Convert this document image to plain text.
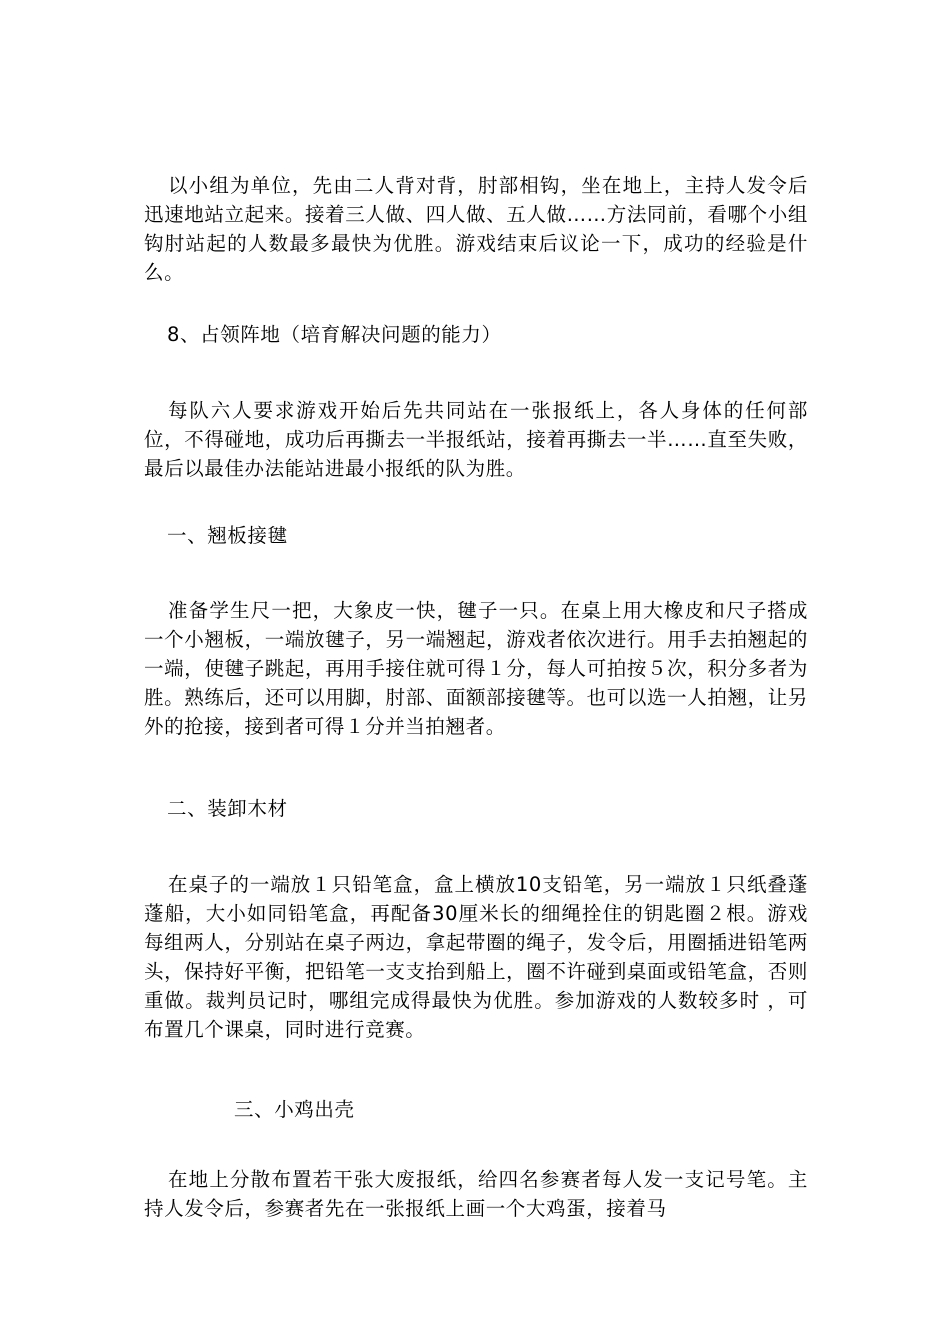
以小组为单位，先由二人背对背，肘部相钩，坐在地上，主持人发令后迅速地站立起来。接着三人做、四人做、五人做……方法同前，看哪个小组钩肘站起的人数最多最快为优胜。游戏结束后议论一下，成功的经验是什么。

8、占领阵地（培育解决问题的能力）

每队六人要求游戏开始后先共同站在一张报纸上，各人身体的任何部位，不得碰地，成功后再撕去一半报纸站，接着再撕去一半……直至失败，最后以最佳办法能站进最小报纸的队为胜。

一、翘板接毽

准备学生尺一把，大象皮一快，毽子一只。在桌上用大橡皮和尺子搭成一个小翘板，一端放毽子，另一端翘起，游戏者依次进行。用手去拍翘起的一端，使毽子跳起，再用手接住就可得１分，每人可拍按５次，积分多者为胜。熟练后，还可以用脚，肘部、面额部接毽等。也可以选一人拍翘，让另外的抢接，接到者可得１分并当拍翘者。

二、装卸木材

在桌子的一端放１只铅笔盒，盒上横放10支铅笔，另一端放１只纸叠蓬蓬船，大小如同铅笔盒，再配备30厘米长的细绳拴住的钥匙圈２根。游戏每组两人，分别站在桌子两边，拿起带圈的绳子，发令后，用圈插进铅笔两头，保持好平衡，把铅笔一支支抬到船上，圈不许碰到桌面或铅笔盒，否则重做。裁判员记时，哪组完成得最快为优胜。参加游戏的人数较多时 ，可布置几个课桌，同时进行竞赛。

三、小鸡出壳

在地上分散布置若干张大废报纸，给四名参赛者每人发一支记号笔。主持人发令后，参赛者先在一张报纸上画一个大鸡蛋，接着马
